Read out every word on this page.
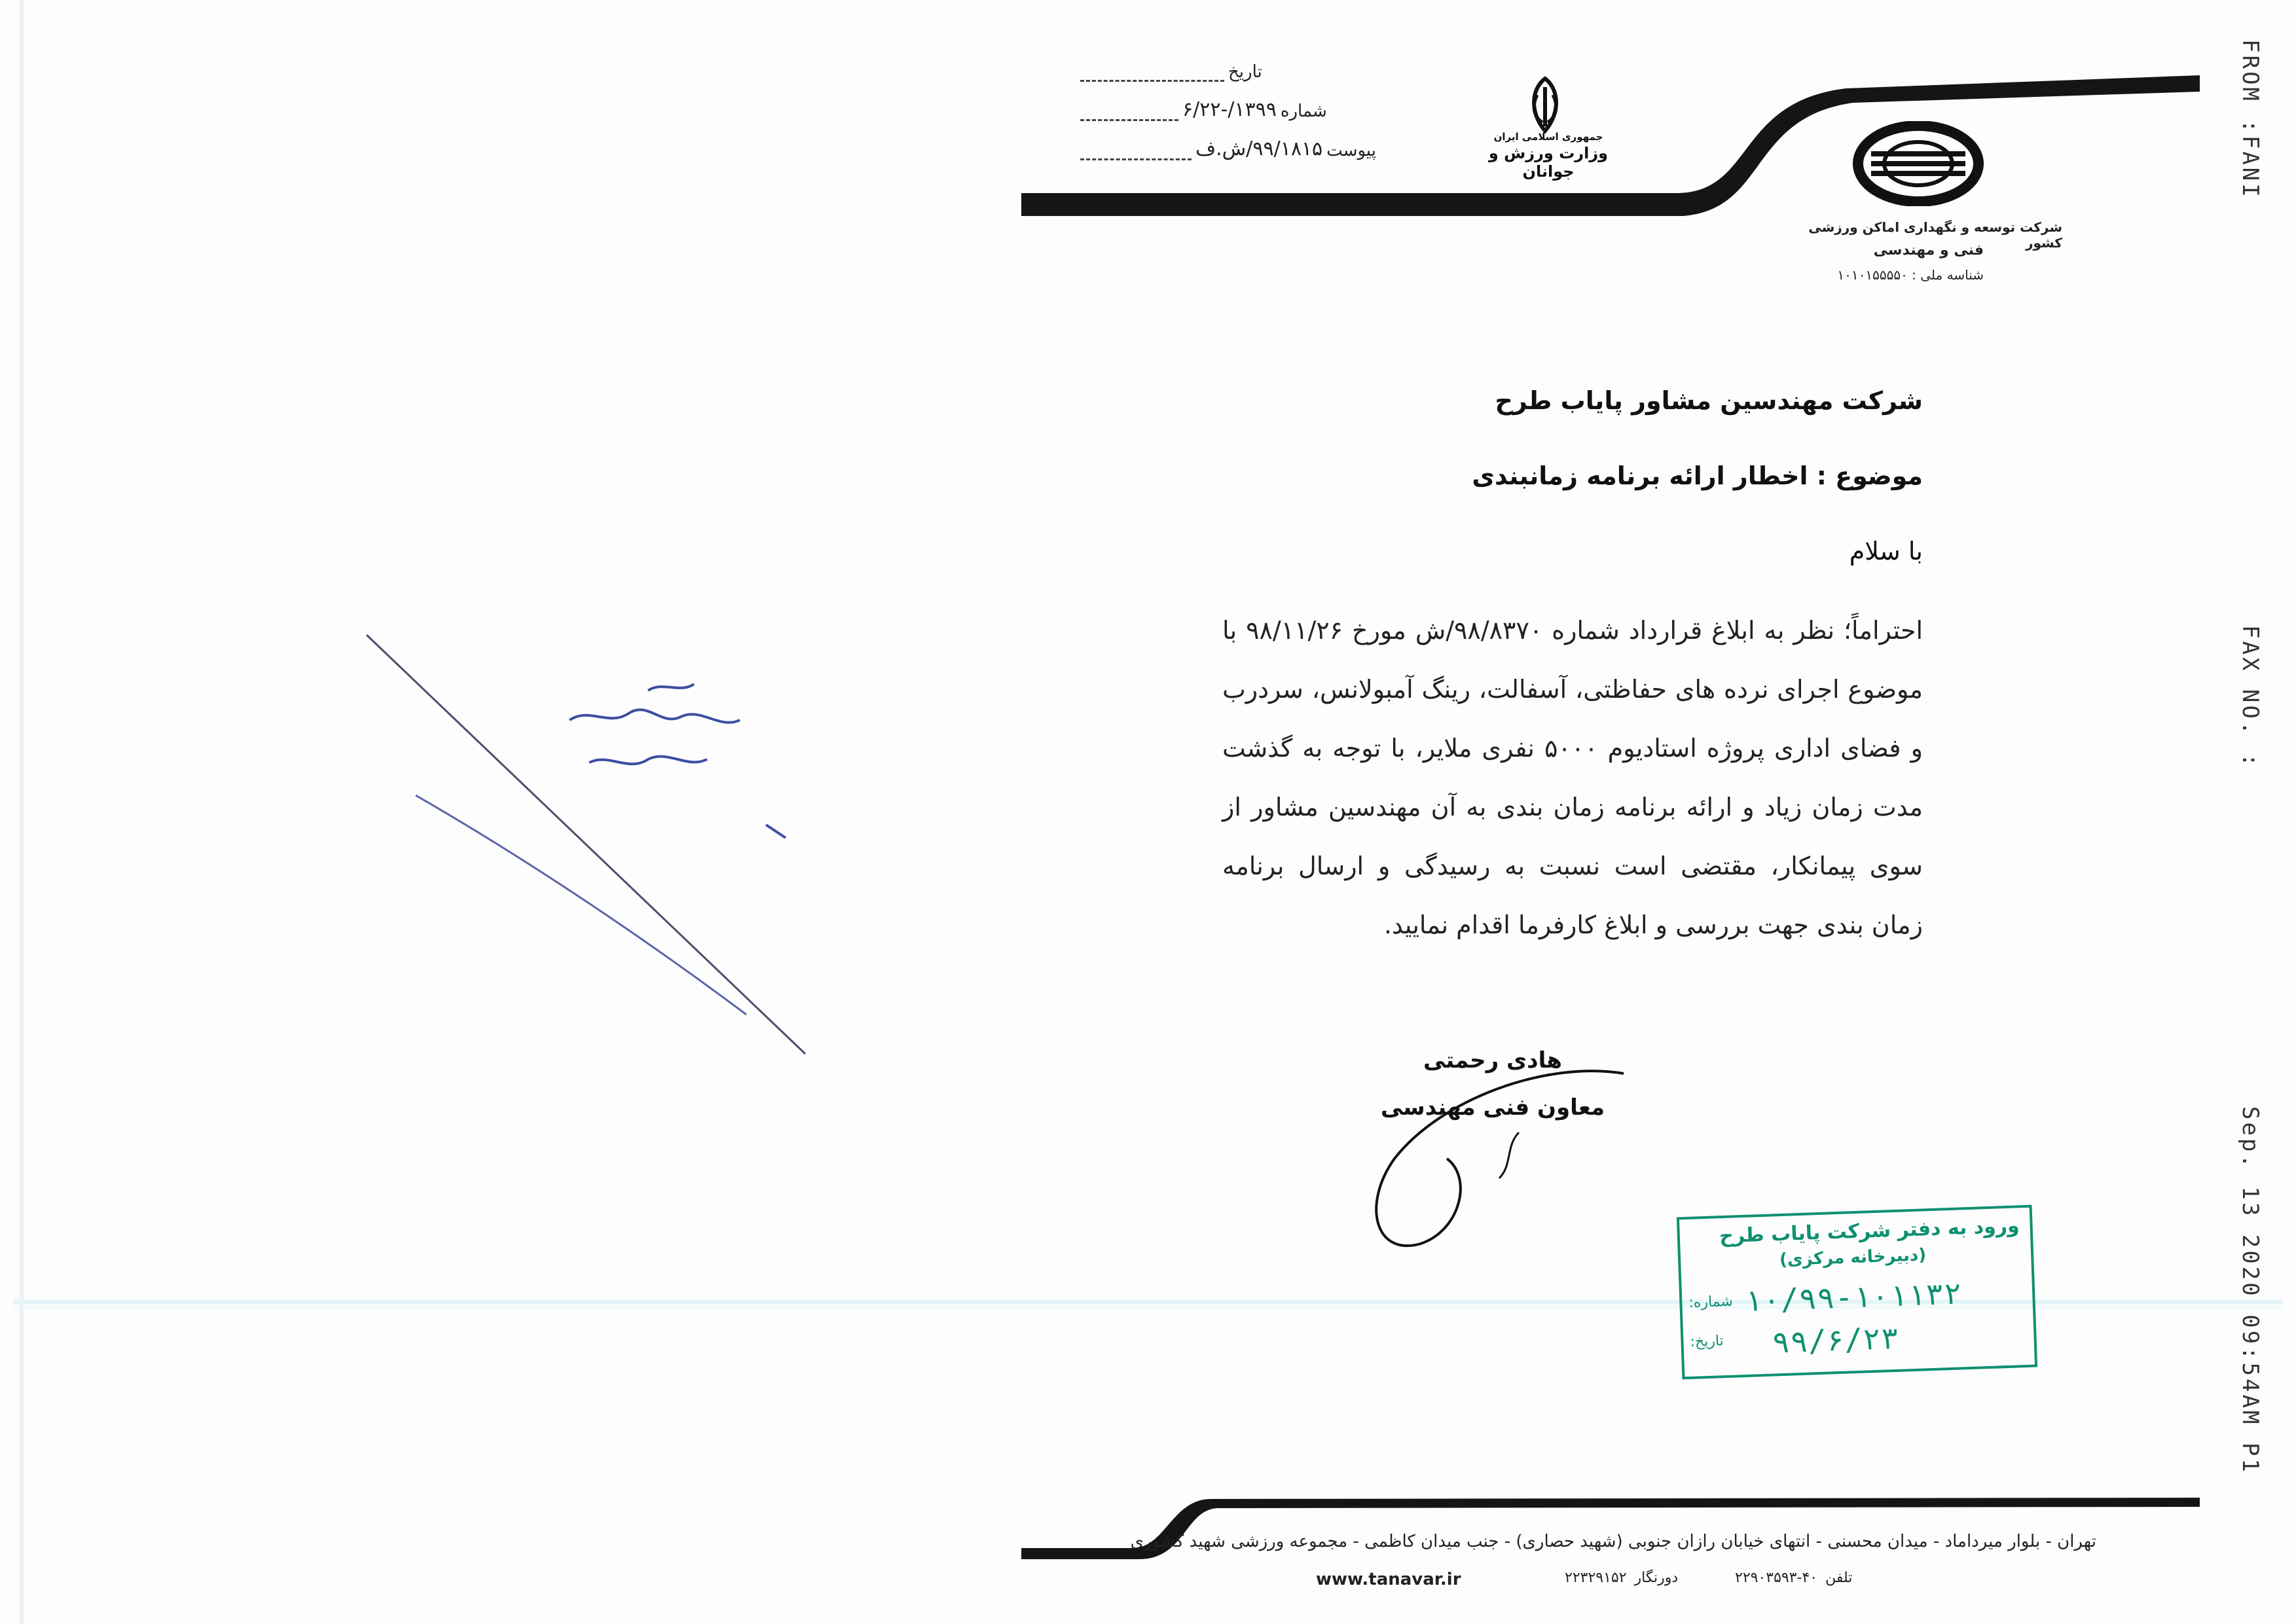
FROM :FANI
FAX NO. :
Sep. 13 2020 09:54AM P1
تاریخ
شماره
۱۳۹۹/-۶/۲۲
پیوست
۹۹/۱۸۱۵/ش.ف
جمهوری اسلامی ایران
وزارت ورزش و جوانان
شرکت توسعه و نگهداری اماکن ورزشی کشور
فنی و مهندسی
شناسه ملی : ۱۰۱۰۱۵۵۵۵۰
شرکت مهندسین مشاور پایاب طرح
موضوع : اخطار ارائه برنامه زمانبندی
با سلام
احتراماً؛ نظر به ابلاغ قرارداد شماره ۹۸/۸۳۷۰/ش مورخ ۹۸/۱۱/۲۶ با موضوع اجرای نرده های حفاظتی، آسفالت، رینگ آمبولانس، سردرب و فضای اداری پروژه استادیوم ۵۰۰۰ نفری ملایر، با توجه به گذشت مدت زمان زیاد و ارائه برنامه زمان بندی به آن مهندسین مشاور از سوی پیمانکار، مقتضی است نسبت به رسیدگی و ارسال برنامه زمان بندی جهت بررسی و ابلاغ کارفرما اقدام نمایید.
هادی رحمتی
معاون فنی مهندسی
ورود به دفتر شرکت پایاب طرح
(دبیرخانه مرکزی)
شماره: ۱۰/۹۹-۱۰۱۱۳۲
تاریخ: ۹۹/۶/۲۳
تهران - بلوار میرداماد - میدان محسنی - انتهای خیابان رازان جنوبی (شهید حصاری) - جنب میدان کاظمی - مجموعه ورزشی شهید کشوری
www.tanavar.ir	دورنگار
۲۲۳۲۹۱۵۲	تلفن
۲۲۹۰۳۵۹۳-۴۰
